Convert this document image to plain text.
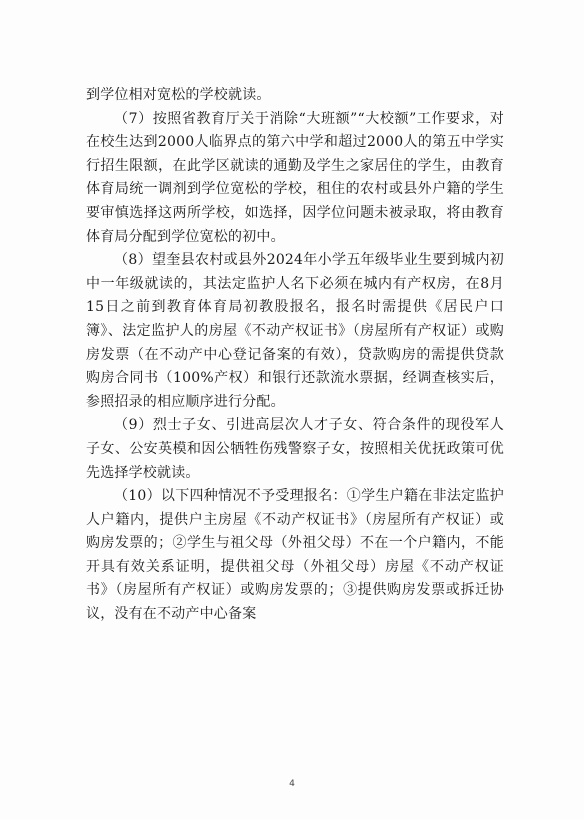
到学位相对宽松的学校就读。

（7）按照省教育厅关于消除“大班额”“大校额”工作要求，对在校生达到2000人临界点的第六中学和超过2000人的第五中学实行招生限额，在此学区就读的通勤及学生之家居住的学生，由教育体育局统一调剂到学位宽松的学校，租住的农村或县外户籍的学生要审慎选择这两所学校，如选择，因学位问题未被录取，将由教育体育局分配到学位宽松的初中。

（8）望奎县农村或县外2024年小学五年级毕业生要到城内初中一年级就读的，其法定监护人名下必须在城内有产权房，在8月15日之前到教育体育局初教股报名，报名时需提供《居民户口簿》、法定监护人的房屋《不动产权证书》（房屋所有产权证）或购房发票（在不动产中心登记备案的有效），贷款购房的需提供贷款购房合同书（100%产权）和银行还款流水票据，经调查核实后，参照招录的相应顺序进行分配。

（9）烈士子女、引进高层次人才子女、符合条件的现役军人子女、公安英模和因公牺牲伤残警察子女，按照相关优抚政策可优先选择学校就读。

（10）以下四种情况不予受理报名：①学生户籍在非法定监护人户籍内，提供户主房屋《不动产权证书》（房屋所有产权证）或购房发票的；②学生与祖父母（外祖父母）不在一个户籍内，不能开具有效关系证明，提供祖父母（外祖父母）房屋《不动产权证书》（房屋所有产权证）或购房发票的；③提供购房发票或拆迁协议，没有在不动产中心备案

4
